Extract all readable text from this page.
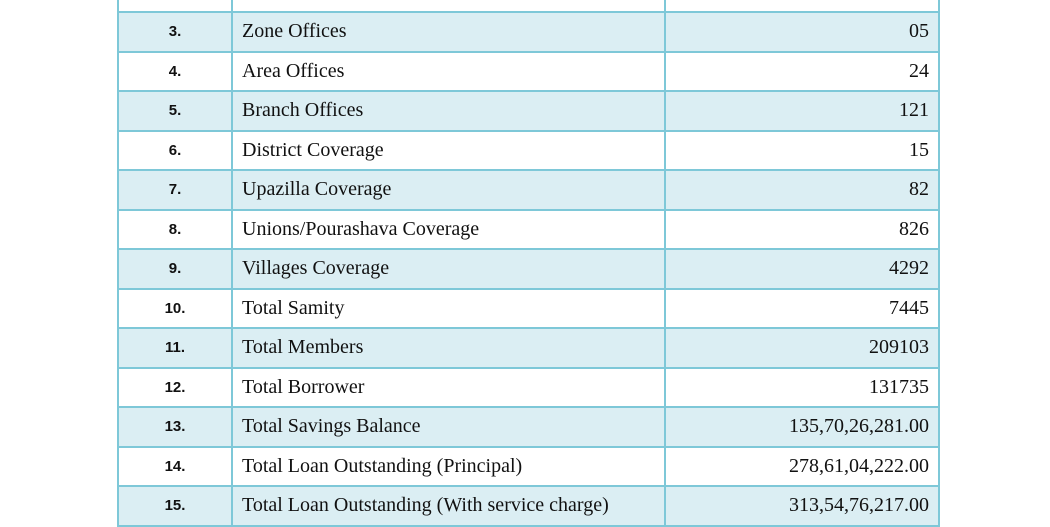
3.	Zone Offices	05
4.	Area Offices	24
5.	Branch Offices	121
6.	District Coverage	15
7.	Upazilla Coverage	82
8.	Unions/Pourashava Coverage	826
9.	Villages Coverage	4292
10.	Total Samity	7445
11.	Total Members	209103
12.	Total Borrower	131735
13.	Total Savings Balance	135,70,26,281.00
14.	Total Loan Outstanding (Principal)	278,61,04,222.00
15.	Total Loan Outstanding (With service charge)	313,54,76,217.00
